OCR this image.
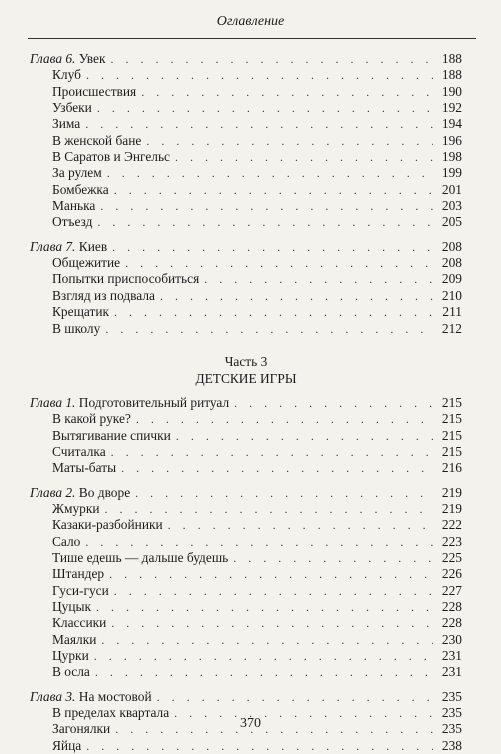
Оглавление
Глава 6. Увек . . .	188
Клуб . . .	188
Происшествия . . .	190
Узбеки . . .	192
Зима . . .	194
В женской бане . . .	196
В Саратов и Энгельс . . .	198
За рулем . . .	199
Бомбежка . . .	201
Манька . . .	203
Отъезд . . .	205
Глава 7. Киев . . .	208
Общежитие . . .	208
Попытки приспособиться . . .	209
Взгляд из подвала . . .	210
Крещатик . . .	211
В школу . . .	212
Часть 3
ДЕТСКИЕ ИГРЫ
Глава 1. Подготовительный ритуал . . .	215
В какой руке? . . .	215
Вытягивание спички . . .	215
Считалка . . .	215
Маты-баты . . .	216
Глава 2. Во дворе . . .	219
Жмурки . . .	219
Казаки-разбойники . . .	222
Сало . . .	223
Тише едешь — дальше будешь . . .	225
Штандер . . .	226
Гуси-гуси . . .	227
Цуцык . . .	228
Классики . . .	228
Маялки . . .	230
Цурки . . .	231
В осла . . .	231
Глава 3. На мостовой . . .	235
В пределах квартала . . .	235
Загонялки . . .	235
Яйца . . .	238
370
